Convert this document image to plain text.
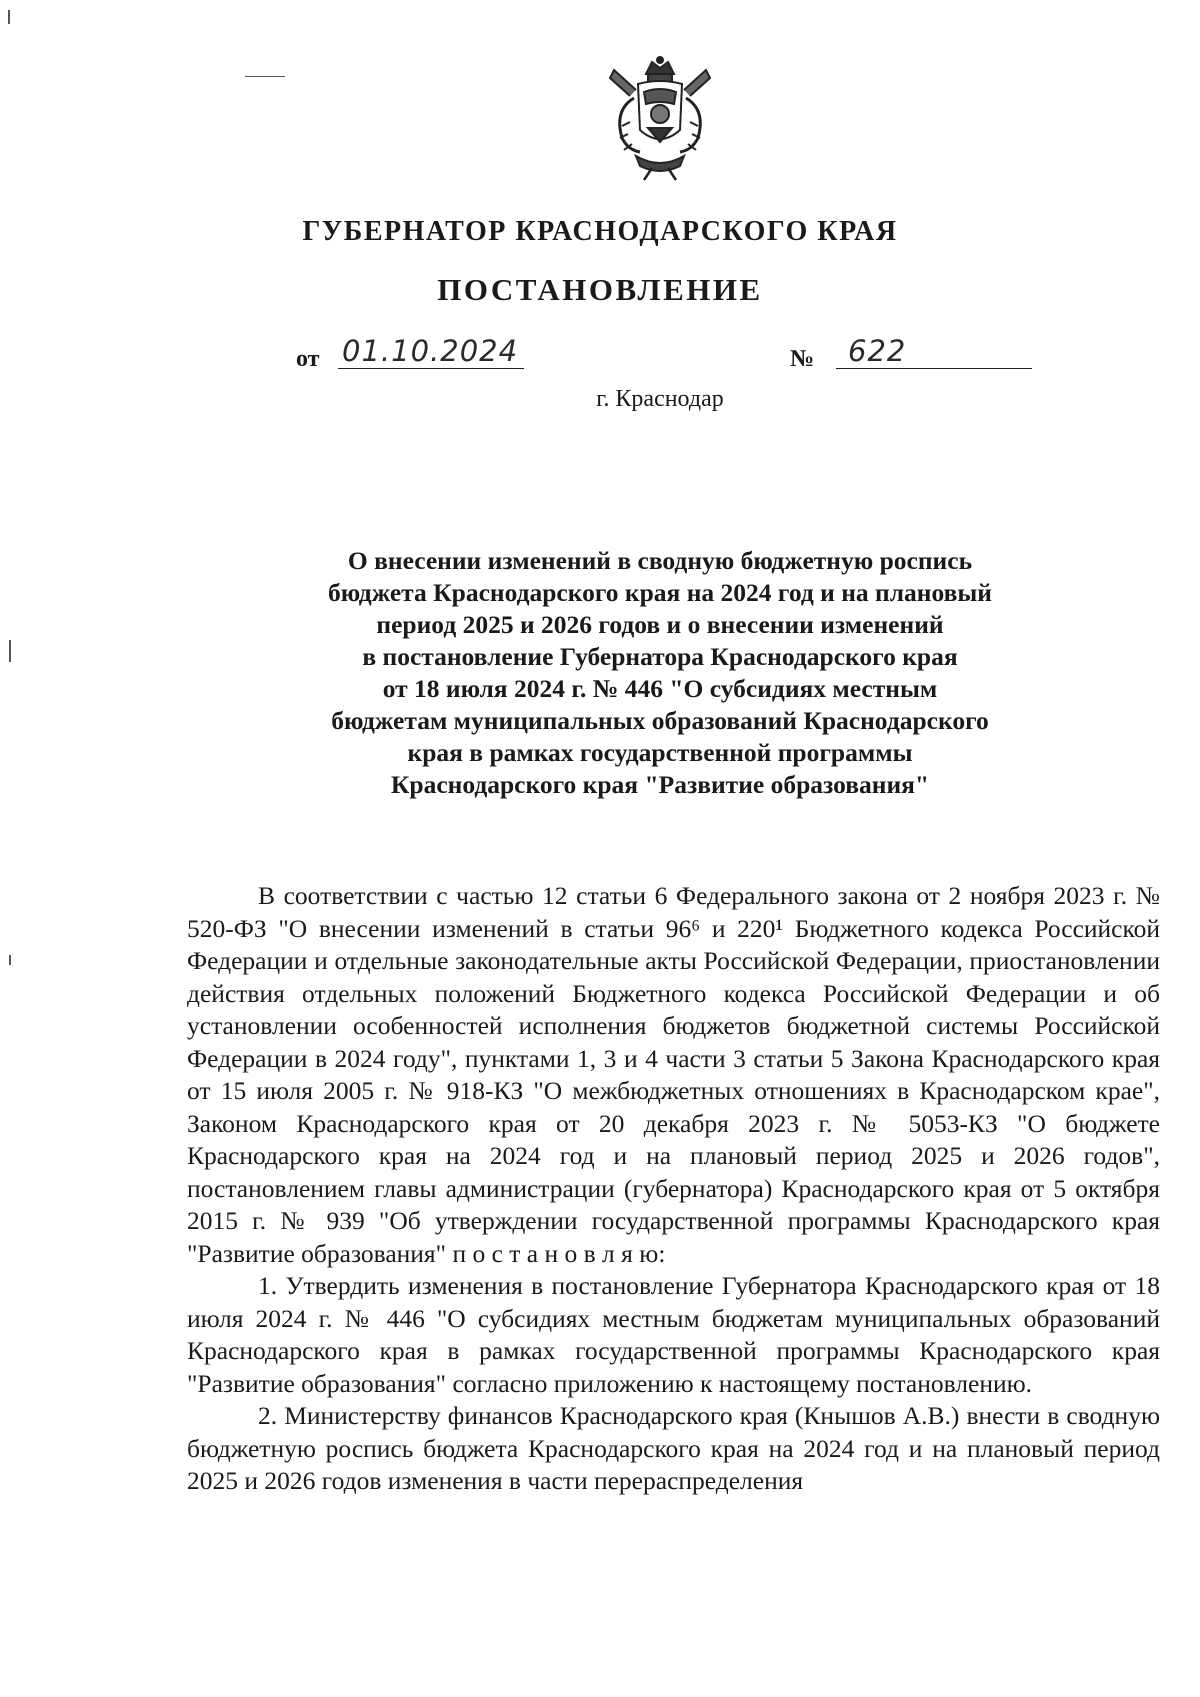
ГУБЕРНАТОР КРАСНОДАРСКОГО КРАЯ
ПОСТАНОВЛЕНИЕ
от 01.10.2024	№ 622
г. Краснодар
О внесении изменений в сводную бюджетную роспись
бюджета Краснодарского края на 2024 год и на плановый
период 2025 и 2026 годов и о внесении изменений
в постановление Губернатора Краснодарского края
от 18 июля 2024 г. № 446 "О субсидиях местным
бюджетам муниципальных образований Краснодарского
края в рамках государственной программы
Краснодарского края "Развитие образования"

В соответствии с частью 12 статьи 6 Федерального закона от 2 ноября 2023 г. № 520-ФЗ "О внесении изменений в статьи 96⁶ и 220¹ Бюджетного кодекса Российской Федерации и отдельные законодательные акты Российской Федерации, приостановлении действия отдельных положений Бюджетного кодекса Российской Федерации и об установлении особенностей исполнения бюджетов бюджетной системы Российской Федерации в 2024 году", пунктами 1, 3 и 4 части 3 статьи 5 Закона Краснодарского края от 15 июля 2005 г. № 918-КЗ "О межбюджетных отношениях в Краснодарском крае", Законом Краснодарского края от 20 декабря 2023 г. № 5053-КЗ "О бюджете Краснодарского края на 2024 год и на плановый период 2025 и 2026 годов", постановлением главы администрации (губернатора) Краснодарского края от 5 октября 2015 г. № 939 "Об утверждении государственной программы Краснодарского края "Развитие образования" п о с т а н о в л я ю:

1. Утвердить изменения в постановление Губернатора Краснодарского края от 18 июля 2024 г. № 446 "О субсидиях местным бюджетам муниципальных образований Краснодарского края в рамках государственной программы Краснодарского края "Развитие образования" согласно приложению к настоящему постановлению.

2. Министерству финансов Краснодарского края (Кнышов А.В.) внести в сводную бюджетную роспись бюджета Краснодарского края на 2024 год и на плановый период 2025 и 2026 годов изменения в части перераспределения
